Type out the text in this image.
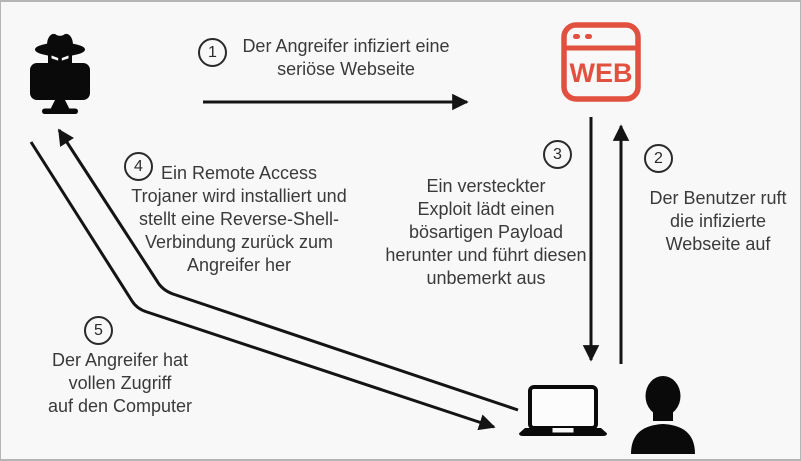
WEB
1
2
3
4
5
Der Angreifer infiziert eine
seriöse Webseite
Der Benutzer ruft
die infizierte
Webseite auf
Ein versteckter
Exploit lädt einen
bösartigen Payload
herunter und führt diesen
unbemerkt aus
Ein Remote Access
Trojaner wird installiert und
stellt eine Reverse-Shell-
Verbindung zurück zum
Angreifer her
Der Angreifer hat
vollen Zugriff
auf den Computer
